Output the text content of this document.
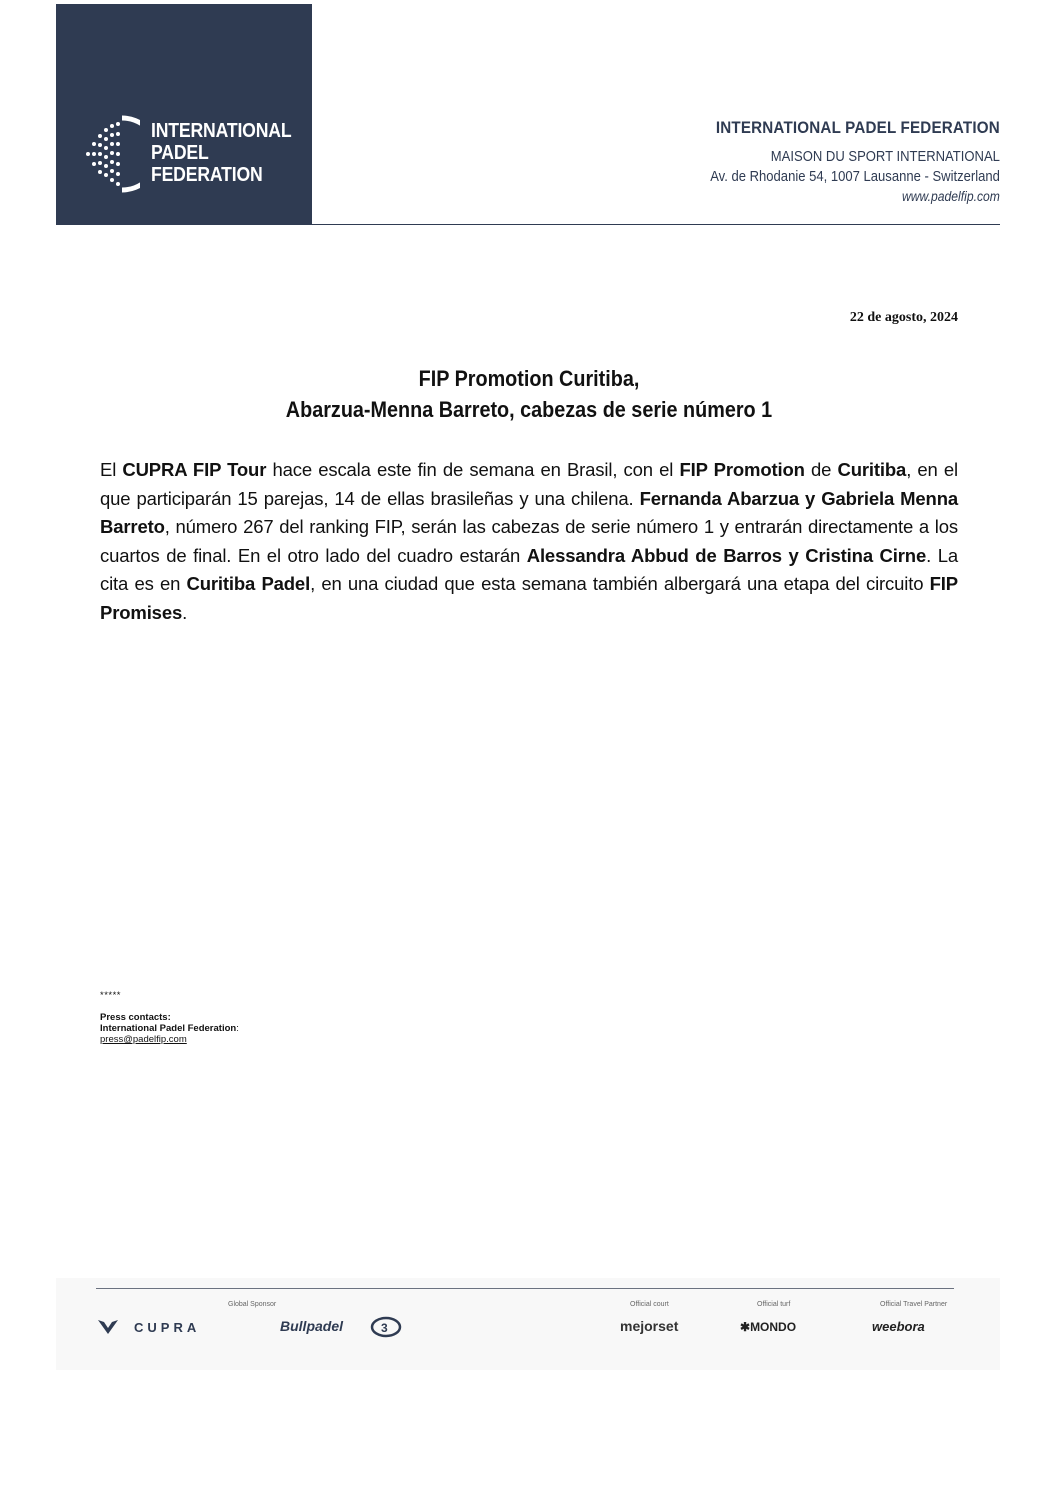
INTERNATIONAL
PADEL
FEDERATION
INTERNATIONAL PADEL FEDERATION
MAISON DU SPORT INTERNATIONAL
Av. de Rhodanie 54, 1007 Lausanne - Switzerland
www.padelfip.com
22 de agosto, 2024
FIP Promotion Curitiba,
Abarzua-Menna Barreto, cabezas de serie número 1
El CUPRA FIP Tour hace escala este fin de semana en Brasil, con el FIP Promotion de Curitiba, en el que participarán 15 parejas, 14 de ellas brasileñas y una chilena. Fernanda Abarzua y Gabriela Menna Barreto, número 267 del ranking FIP, serán las cabezas de serie número 1 y entrarán directamente a los cuartos de final. En el otro lado del cuadro estarán Alessandra Abbud de Barros y Cristina Cirne. La cita es en Curitiba Padel, en una ciudad que esta semana también albergará una etapa del circuito FIP Promises.
*****
Press contacts:
International Padel Federation:
press@padelfip.com
Global Sponsor	Official court	Official turf	Official Travel Partner
CUPRA	Bullpadel	3	mejorset	✱MONDO	weebora
